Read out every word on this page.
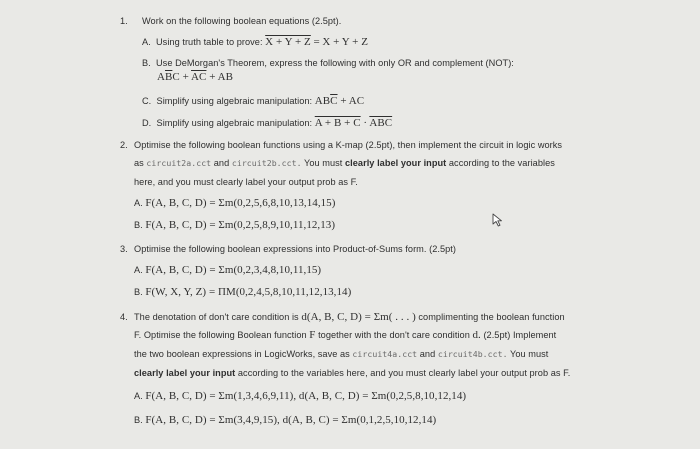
1. Work on the following boolean equations (2.5pt).
A. Using truth table to prove: X + Y + Z = X + Y + Z
B. Use DeMorgan's Theorem, express the following with only OR and complement (NOT):
$A\overline{B}C + \overline{A}\overline{C}$ + AB
C. Simplify using algebraic manipulation: $AB\overline{C}$ + AC
D. Simplify using algebraic manipulation: $A + B + C \cdot \overline{ABC}$
2. Optimise the following boolean functions using a K-map (2.5pt), then implement the circuit in logic works
as circuit2a.cct and circuit2b.cct. You must clearly label your input according to the variables
here, and you must clearly label your output prob as F.
A. F(A, B, C, D) = Σm(0,2,5,6,8,10,13,14,15)
B. F(A, B, C, D) = Σm(0,2,5,8,9,10,11,12,13)
3. Optimise the following boolean expressions into Product-of-Sums form. (2.5pt)
A. F(A, B, C, D) = Σm(0,2,3,4,8,10,11,15)
B. F(W, X, Y, Z) = ΠM(0,2,4,5,8,10,11,12,13,14)
4. The denotation of don't care condition is d(A, B, C, D) = Σm( . . . ) complimenting the boolean function
F. Optimise the following Boolean function F together with the don't care condition d. (2.5pt) Implement
the two boolean expressions in LogicWorks, save as circuit4a.cct and circuit4b.cct. You must
clearly label your input according to the variables here, and you must clearly label your output prob as F.
A. F(A, B, C, D) = Σm(1,3,4,6,9,11), d(A, B, C, D) = Σm(0,2,5,8,10,12,14)
B. F(A, B, C, D) = Σm(3,4,9,15), d(A, B, C) = Σm(0,1,2,5,10,12,14)
